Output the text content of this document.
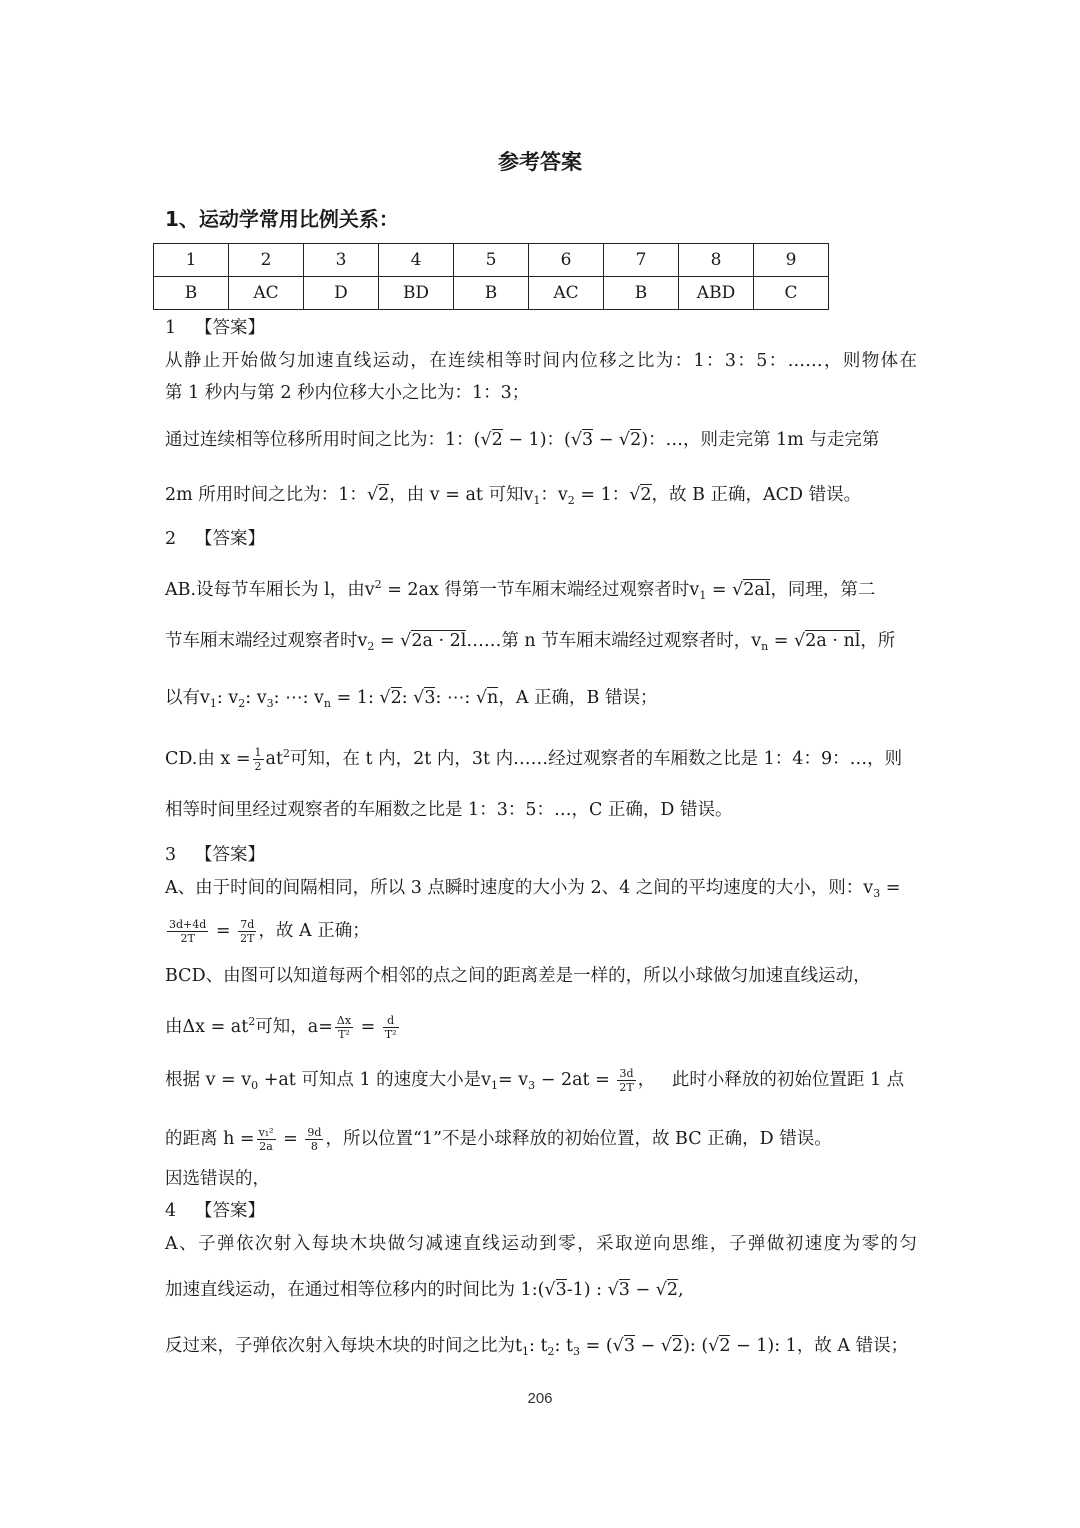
参考答案
1、运动学常用比例关系：
1	2	3	4	5	6	7	8	9
B	AC	D	BD	B	AC	B	ABD	C
1 【答案】
从静止开始做匀加速直线运动，在连续相等时间内位移之比为：1：3：5：……，则物体在
第 1 秒内与第 2 秒内位移大小之比为：1：3；
通过连续相等位移所用时间之比为：1：(√2 − 1)：(√3 − √2)：…，则走完第 1m 与走完第
2m 所用时间之比为：1：√2，由 v = at 可知$v_1$：$v_2 = 1$：√2，故 B 正确，ACD 错误。
2 【答案】
AB.设每节车厢长为 l，由$v^2 = 2ax$ 得第一节车厢末端经过观察者时$v_1 = √2al$，同理，第二
节车厢末端经过观察者时$v_2 = √2a$ · 2l……第 n 节车厢末端经过观察者时，$v_n = √2a$ · nl，所
以有$v_1$: $v_2$: $v_3$: ⋯: $v_n = 1$: √2: √3: ⋯: √n，A 正确，B 错误；
CD.由 $x = \frac{1}{2} at^2$可知，在 t 内，2t 内，3t 内……经过观察者的车厢数之比是 1：4：9：…，则
相等时间里经过观察者的车厢数之比是 1：3：5：…，C 正确，D 错误。
3 【答案】
A、由于时间的间隔相同，所以 3 点瞬时速度的大小为 2、4 之间的平均速度的大小，则：$v_3$ =
$\frac{3d+4d}{2T} = \frac{7d}{2T}$ ，故 A 正确；
BCD、由图可以知道每两个相邻的点之间的距离差是一样的，所以小球做匀加速直线运动，
由$\Delta x = at^2$可知，$a= \frac{\Delta x}{\text{T²}} = \frac{d}{\text{T²}}$
根据 $v = v_0 +at$ 可知点 1 的速度大小是$v_1= v_3 - 2at = \frac{3d}{2T}$ ，   此时小释放的初始位置距 1 点
的距离 $h = \frac{\text{v₁²}}{2a} = \frac{9d}{8}$ ，所以位置“1”不是小球释放的初始位置，故 BC 正确，D 错误。
因选错误的，
4 【答案】
A、子弹依次射入每块木块做匀减速直线运动到零，采取逆向思维，子弹做初速度为零的匀
加速直线运动，在通过相等位移内的时间比为 1:(√3-1) : √3 − √2,
反过来，子弹依次射入每块木块的时间之比为$t_1$: $t_2$: $t_3 = (√3 - √2)$: (√2 − 1): 1，故 A 错误；
206
